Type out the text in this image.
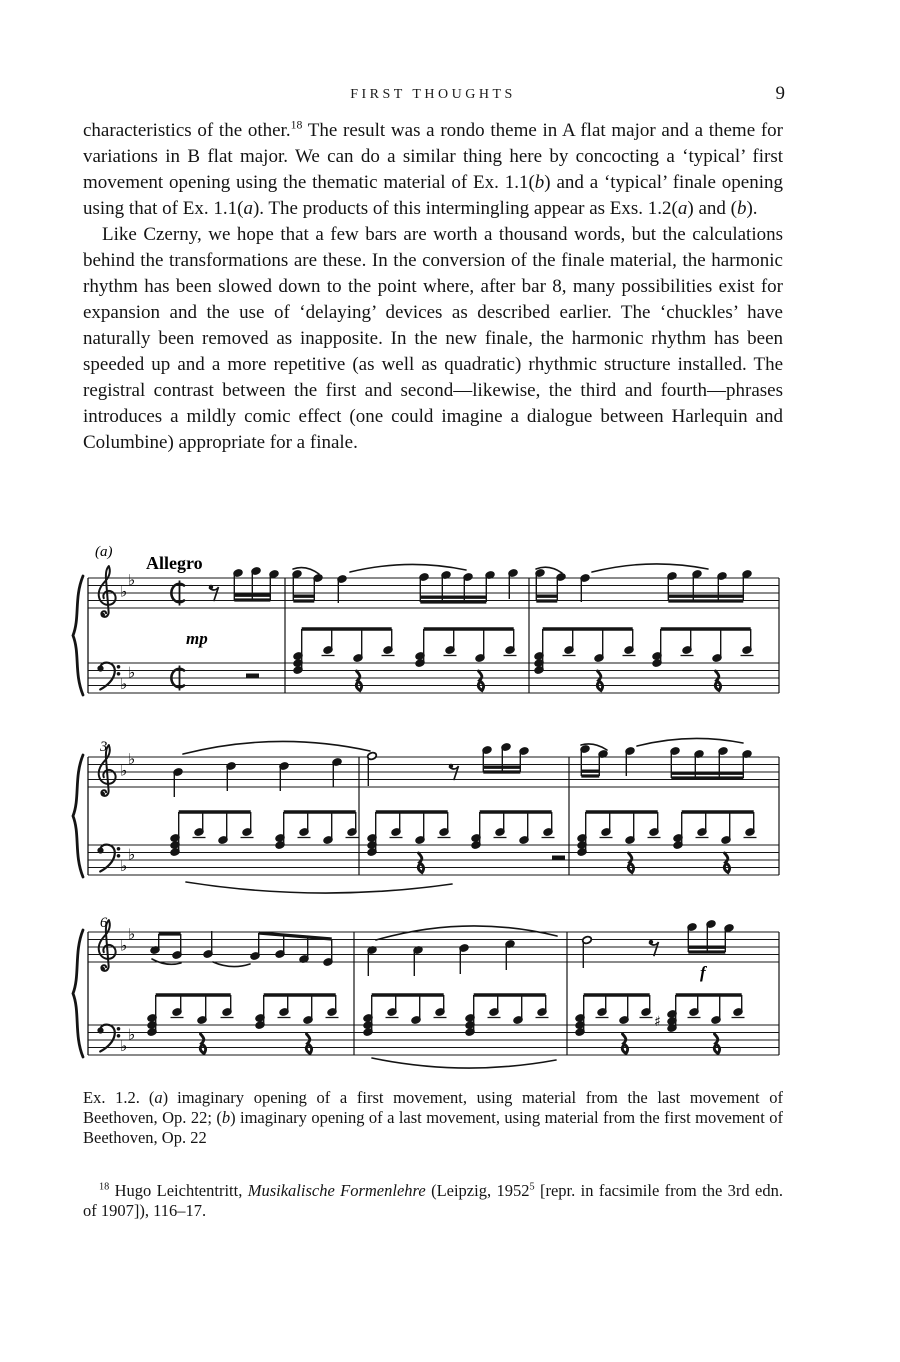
FIRST THOUGHTS	9

characteristics of the other.$^{18}$ The result was a rondo theme in A flat major and a theme for variations in B flat major. We can do a similar thing here by concocting a ‘typical’ first movement opening using the thematic material of Ex. 1.1(b) and a ‘typical’ finale opening using that of Ex. 1.1(a). The products of this intermingling appear as Exs. 1.2(a) and (b).

Like Czerny, we hope that a few bars are worth a thousand words, but the calculations behind the transformations are these. In the conversion of the finale material, the harmonic rhythm has been slowed down to the point where, after bar 8, many possibilities exist for expansion and the use of ‘delaying’ devices as described earlier. The ‘chuckles’ have naturally been removed as inapposite. In the new finale, the harmonic rhythm has been speeded up and a more repetitive (as well as quadratic) rhythmic structure installed. The registral contrast between the first and second—likewise, the third and fourth—phrases introduces a mildly comic effect (one could imagine a dialogue between Harlequin and Columbine) appropriate for a finale.

♭
♭
♭
♭
(a)
Allegro
mp
♭
♭
♭
♭
3
♭
♭
♭
♭
6
f
♯

Ex. 1.2. (a) imaginary opening of a first movement, using material from the last movement of Beethoven, Op. 22; (b) imaginary opening of a last movement, using material from the first movement of Beethoven, Op. 22

$^{18}$ Hugo Leichtentritt, Musikalische Formenlehre (Leipzig, 1952$^5$ [repr. in facsimile from the 3rd edn. of 1907]), 116–17.
